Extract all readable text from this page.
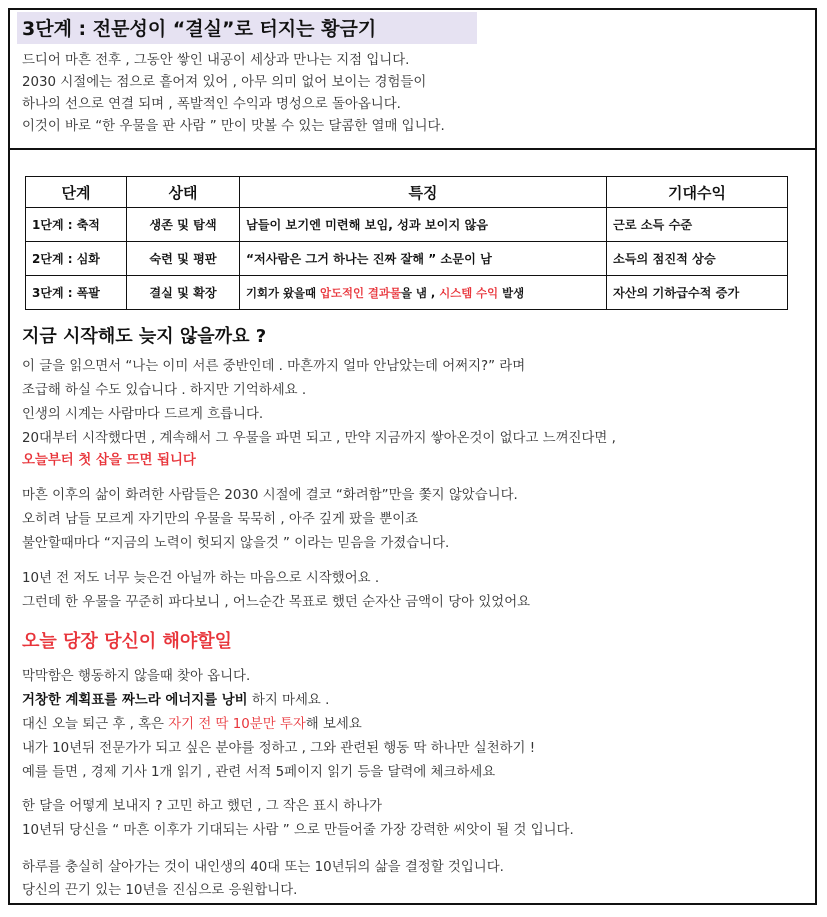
3단계 : 전문성이 “결실”로 터지는 황금기
드디어 마흔 전후 , 그동안 쌓인 내공이 세상과 만나는 지점 입니다.
2030 시절에는 점으로 흩어져 있어 , 아무 의미 없어 보이는 경험들이
하나의 선으로 연결 되며 , 폭발적인 수익과 명성으로 돌아옵니다.
이것이 바로 “한 우물을 판 사람 ” 만이 맛볼 수 있는 달콤한 열매 입니다.
단계	상태	특징	기대수익
1단계 : 축적	생존 및 탐색	남들이 보기엔 미련해 보임, 성과 보이지 않음	근로 소득 수준
2단계 : 심화	숙련 및 평판	“저사람은 그거 하나는 진짜 잘해 ” 소문이 남	소득의 점진적 상승
3단계 : 폭팔	결실 및 확장	기회가 왔을때 압도적인 결과물을 냄 , 시스템 수익 발생	자산의 기하급수적 증가
지금 시작해도 늦지 않을까요 ?
이 글을 읽으면서 “나는 이미 서른 중반인데 . 마흔까지 얼마 안남았는데 어쩌지?” 라며
조급해 하실 수도 있습니다 . 하지만 기억하세요 .
인생의 시계는 사람마다 드르게 흐릅니다.
20대부터 시작했다면 , 계속해서 그 우물을 파면 되고 , 만약 지금까지 쌓아온것이 없다고 느껴진다면 ,
오늘부터 첫 삽을 뜨면 됩니다
마흔 이후의 삶이 화려한 사람들은 2030 시절에 결코 “화려함”만을 쫓지 않았습니다.
오히려 남들 모르게 자기만의 우물을 묵묵히 , 아주 깊게 팠을 뿐이죠
불안할때마다 “지금의 노력이 헛되지 않을것 ” 이라는 믿음을 가졌습니다.
10년 전 저도 너무 늦은건 아닐까 하는 마음으로 시작했어요 .
그런데 한 우물을 꾸준히 파다보니 , 어느순간 목표로 했던 순자산 금액이 당아 있었어요
오늘 당장 당신이 해야할일
막막함은 행동하지 않을때 찾아 옵니다.
거창한 계획표를 짜느라 에너지를 낭비 하지 마세요 .
대신 오늘 퇴근 후 , 혹은 자기 전 딱 10분만 투자해 보세요
내가 10년뒤 전문가가 되고 싶은 분야를 정하고 , 그와 관련된 행동 딱 하나만 실천하기 !
예를 들면 , 경제 기사 1개 읽기 , 관련 서적 5페이지 읽기 등을 달력에 체크하세요
한 달을 어떻게 보내지 ? 고민 하고 했던 , 그 작은 표시 하나가
10년뒤 당신을 “ 마흔 이후가 기대되는 사람 ” 으로 만들어줄 가장 강력한 씨앗이 될 것 입니다.
하루를 충실히 살아가는 것이 내인생의 40대 또는 10년뒤의 삶을 결정할 것입니다.
당신의 끈기 있는 10년을 진심으로 응원합니다.
